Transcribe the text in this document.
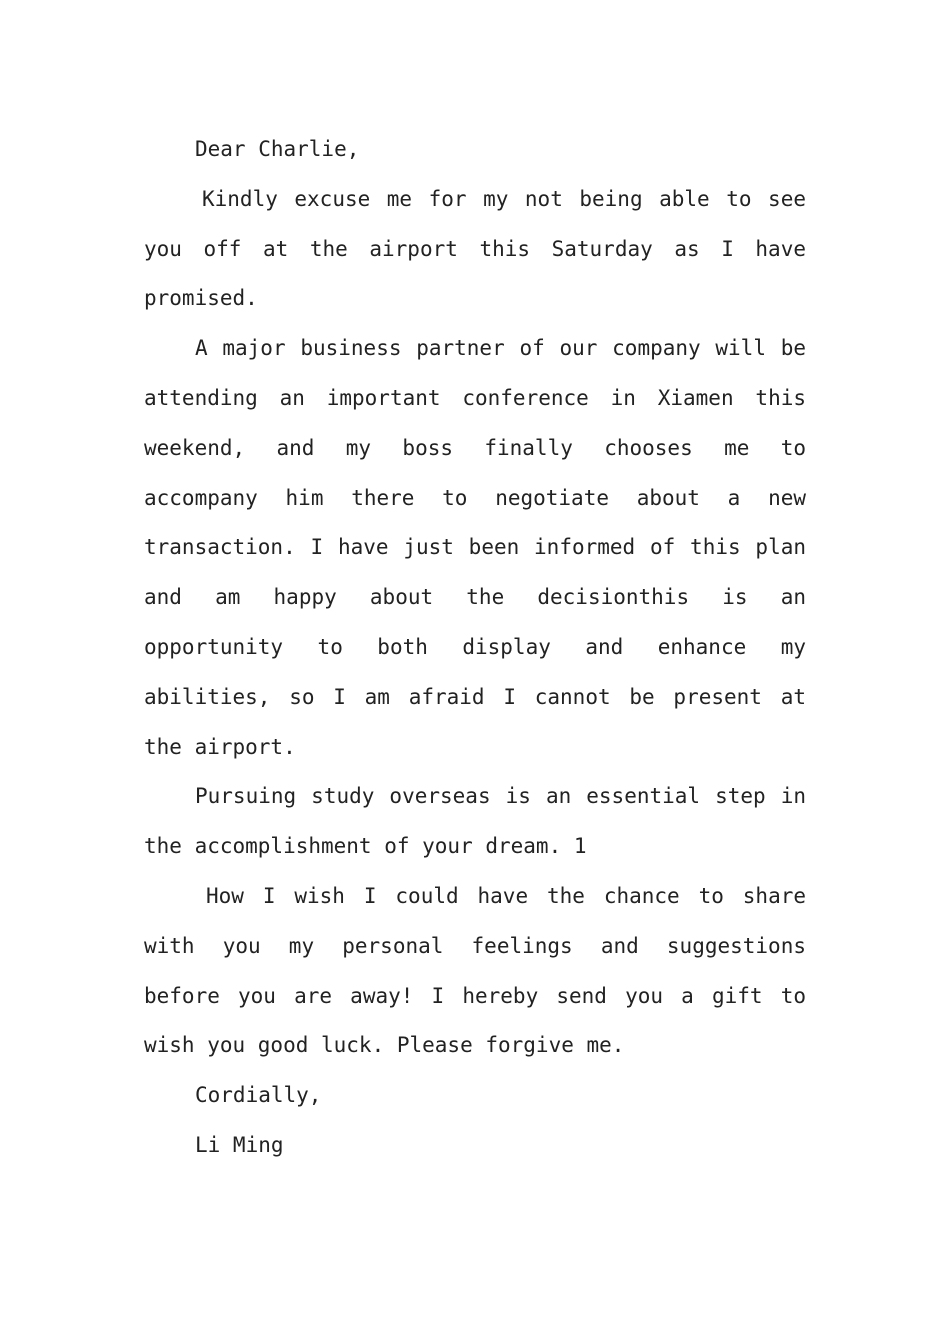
Dear Charlie,
Kindly excuse me for my not being able to see
you off at the airport this Saturday as I have
promised.
A major business partner of our company will be
attending an important conference in Xiamen this
weekend, and my boss finally chooses me to
accompany him there to negotiate about a new
transaction. I have just been informed of this plan
and am happy about the decisionthis is an
opportunity to both display and enhance my
abilities, so I am afraid I cannot be present at
the airport.
Pursuing study overseas is an essential step in
the accomplishment of your dream. 1
How I wish I could have the chance to share
with you my personal feelings and suggestions
before you are away! I hereby send you a gift to
wish you good luck. Please forgive me.
Cordially,
Li Ming
